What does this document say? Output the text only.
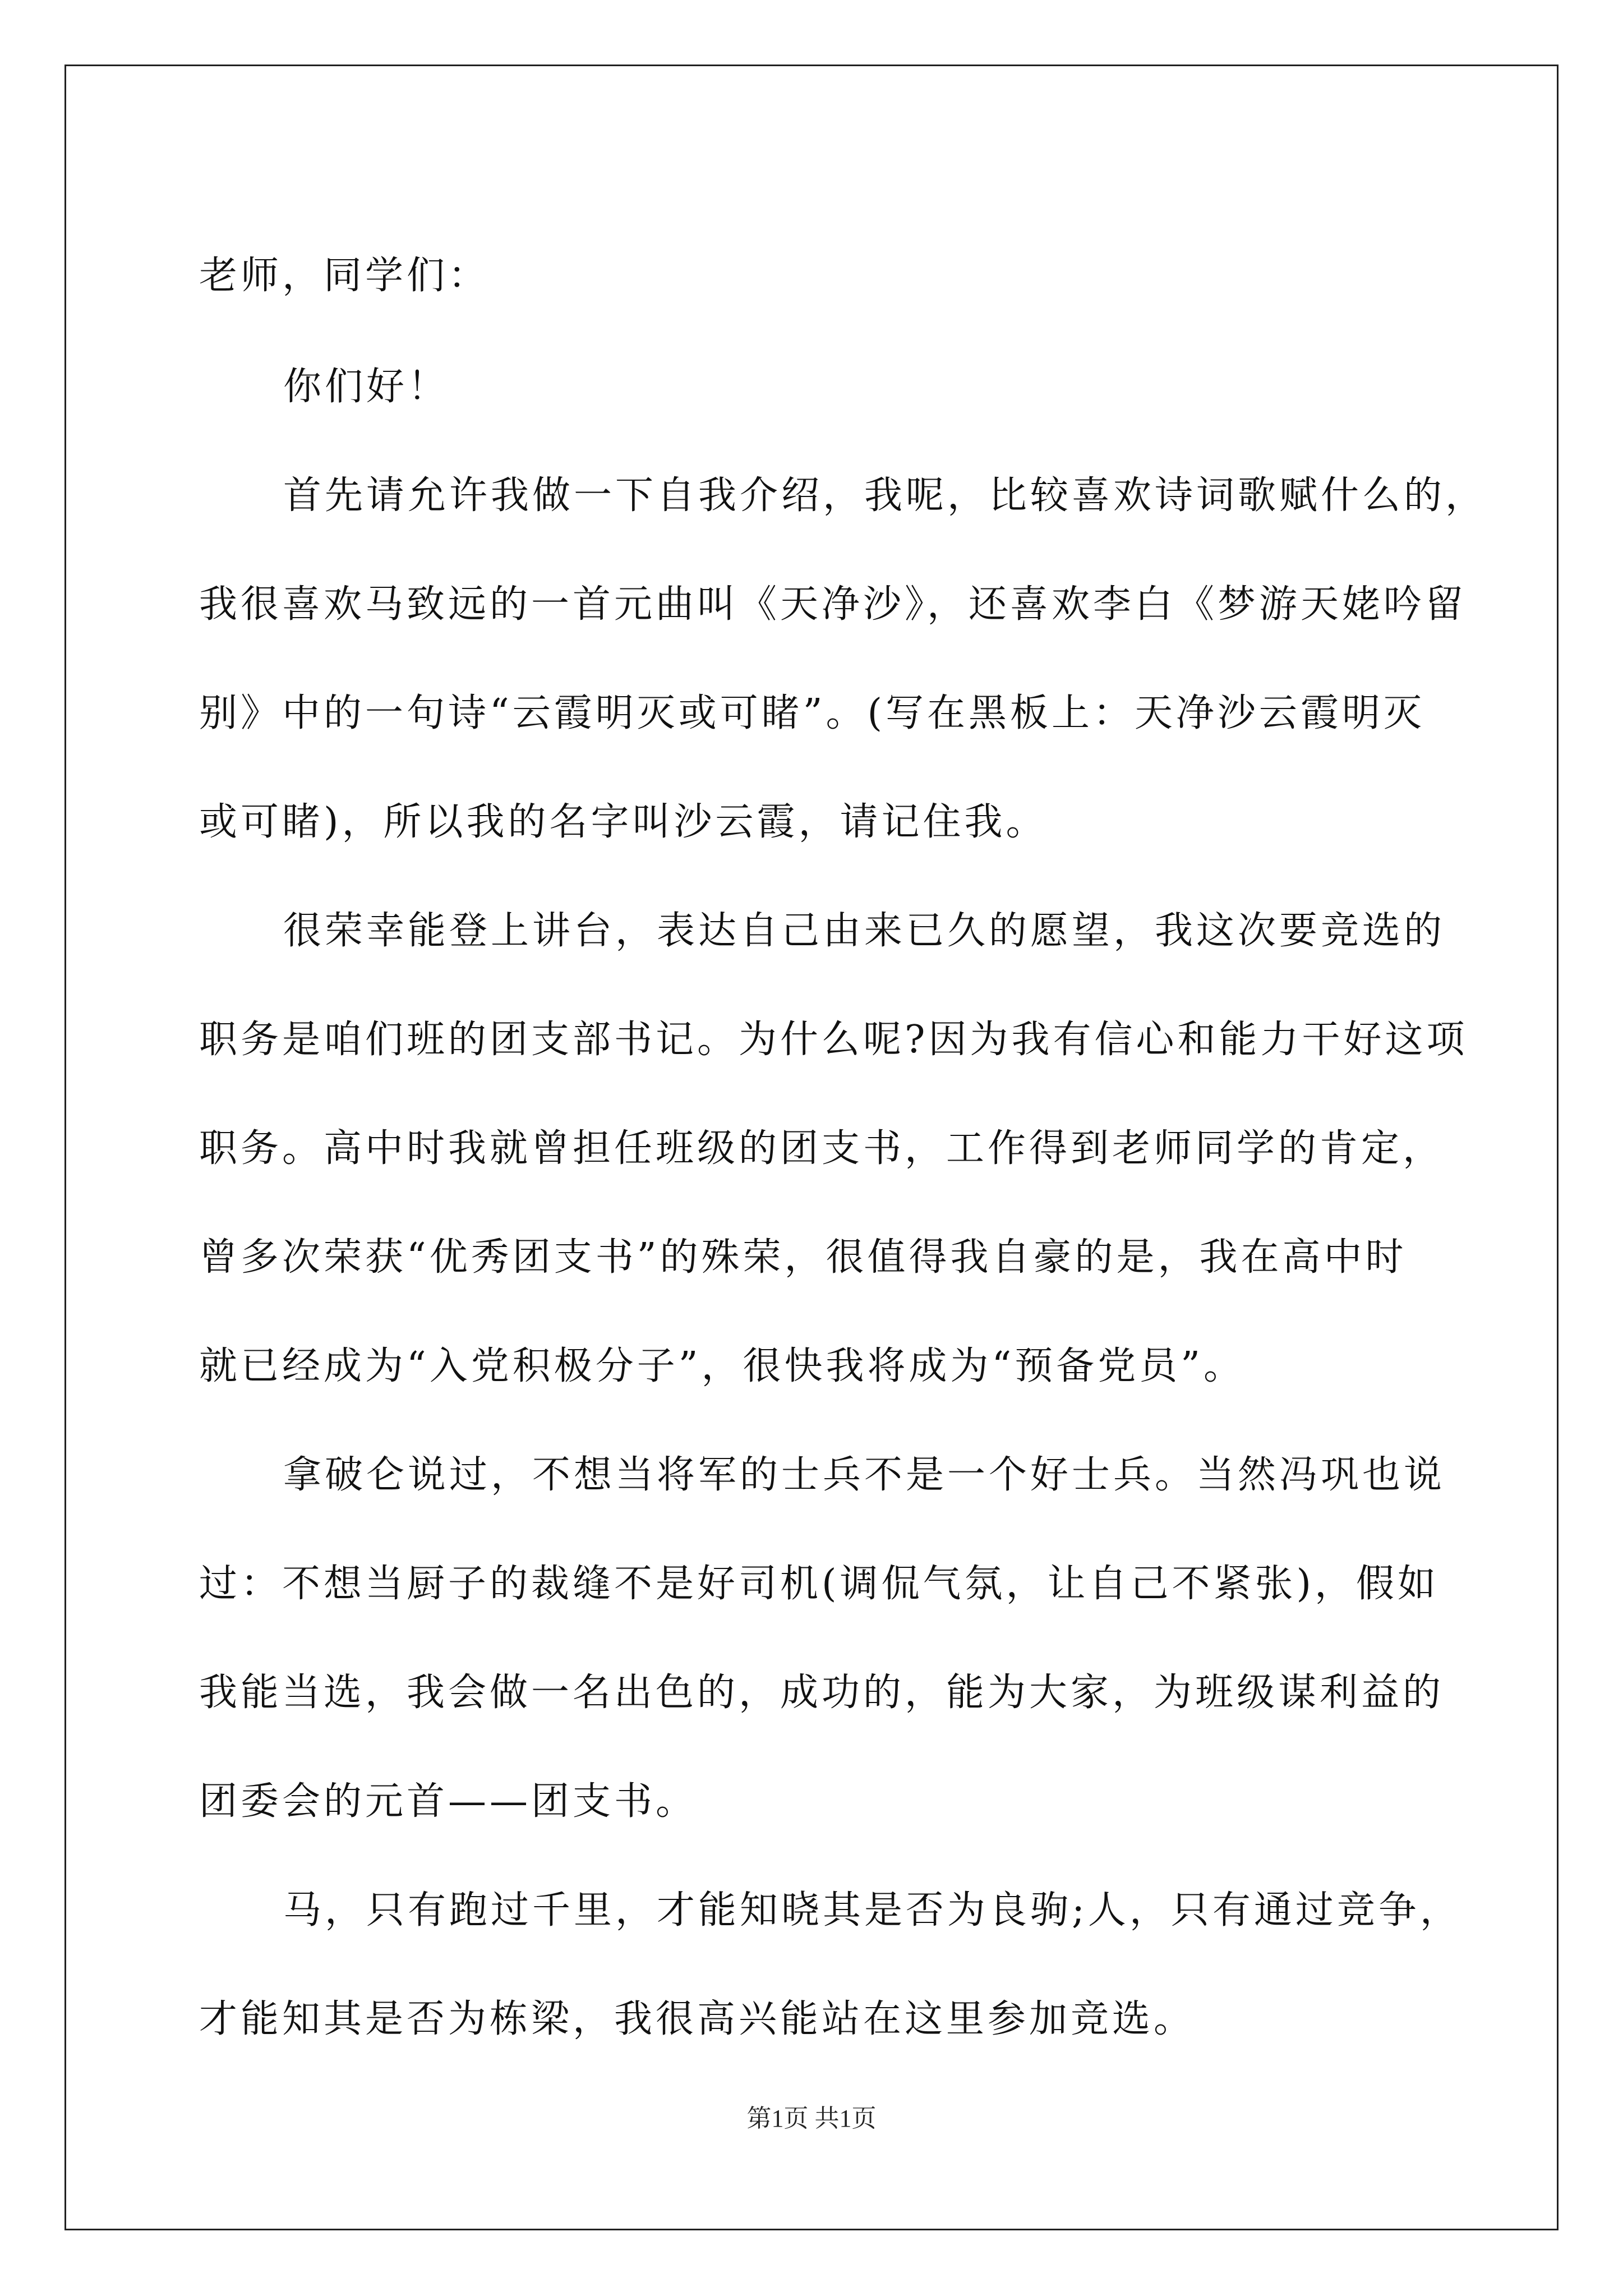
老师，同学们：

你们好！

首先请允许我做一下自我介绍，我呢，比较喜欢诗词歌赋什么的，
我很喜欢马致远的一首元曲叫《天净沙》，还喜欢李白《梦游天姥吟留
别》中的一句诗“云霞明灭或可睹”。(写在黑板上：天净沙云霞明灭
或可睹)，所以我的名字叫沙云霞，请记住我。

很荣幸能登上讲台，表达自己由来已久的愿望，我这次要竞选的
职务是咱们班的团支部书记。为什么呢?因为我有信心和能力干好这项
职务。高中时我就曾担任班级的团支书，工作得到老师同学的肯定，
曾多次荣获“优秀团支书”的殊荣，很值得我自豪的是，我在高中时
就已经成为“入党积极分子”，很快我将成为“预备党员”。

拿破仑说过，不想当将军的士兵不是一个好士兵。当然冯巩也说
过：不想当厨子的裁缝不是好司机(调侃气氛，让自己不紧张)，假如
我能当选，我会做一名出色的，成功的，能为大家，为班级谋利益的
团委会的元首——团支书。

马，只有跑过千里，才能知晓其是否为良驹;人，只有通过竞争，
才能知其是否为栋梁，我很高兴能站在这里参加竞选。

第1页 共1页
